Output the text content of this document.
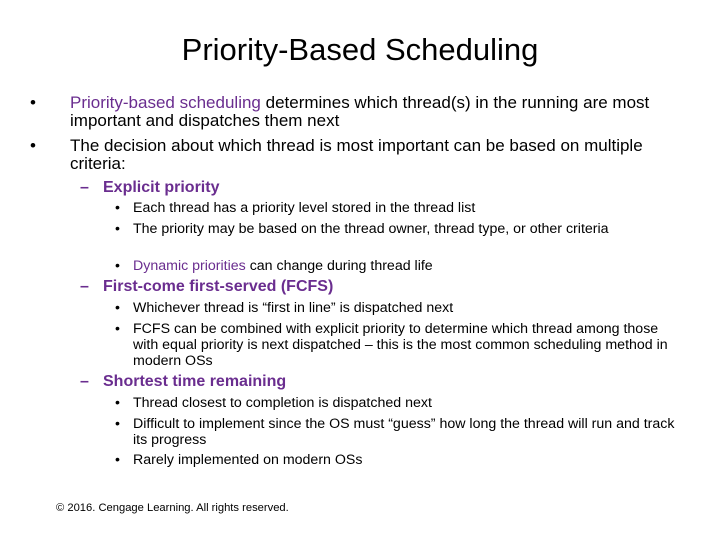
Priority-Based Scheduling
• Priority-based scheduling determines which thread(s) in the running are most important and dispatches them next
• The decision about which thread is most important can be based on multiple criteria:
– Explicit priority
• Each thread has a priority level stored in the thread list
• The priority may be based on the thread owner, thread type, or other criteria
• Dynamic priorities can change during thread life
– First-come first-served (FCFS)
• Whichever thread is “first in line” is dispatched next
• FCFS can be combined with explicit priority to determine which thread among those with equal priority is next dispatched – this is the most common scheduling method in modern OSs
– Shortest time remaining
• Thread closest to completion is dispatched next
• Difficult to implement since the OS must “guess” how long the thread will run and track its progress
• Rarely implemented on modern OSs
© 2016. Cengage Learning. All rights reserved.
